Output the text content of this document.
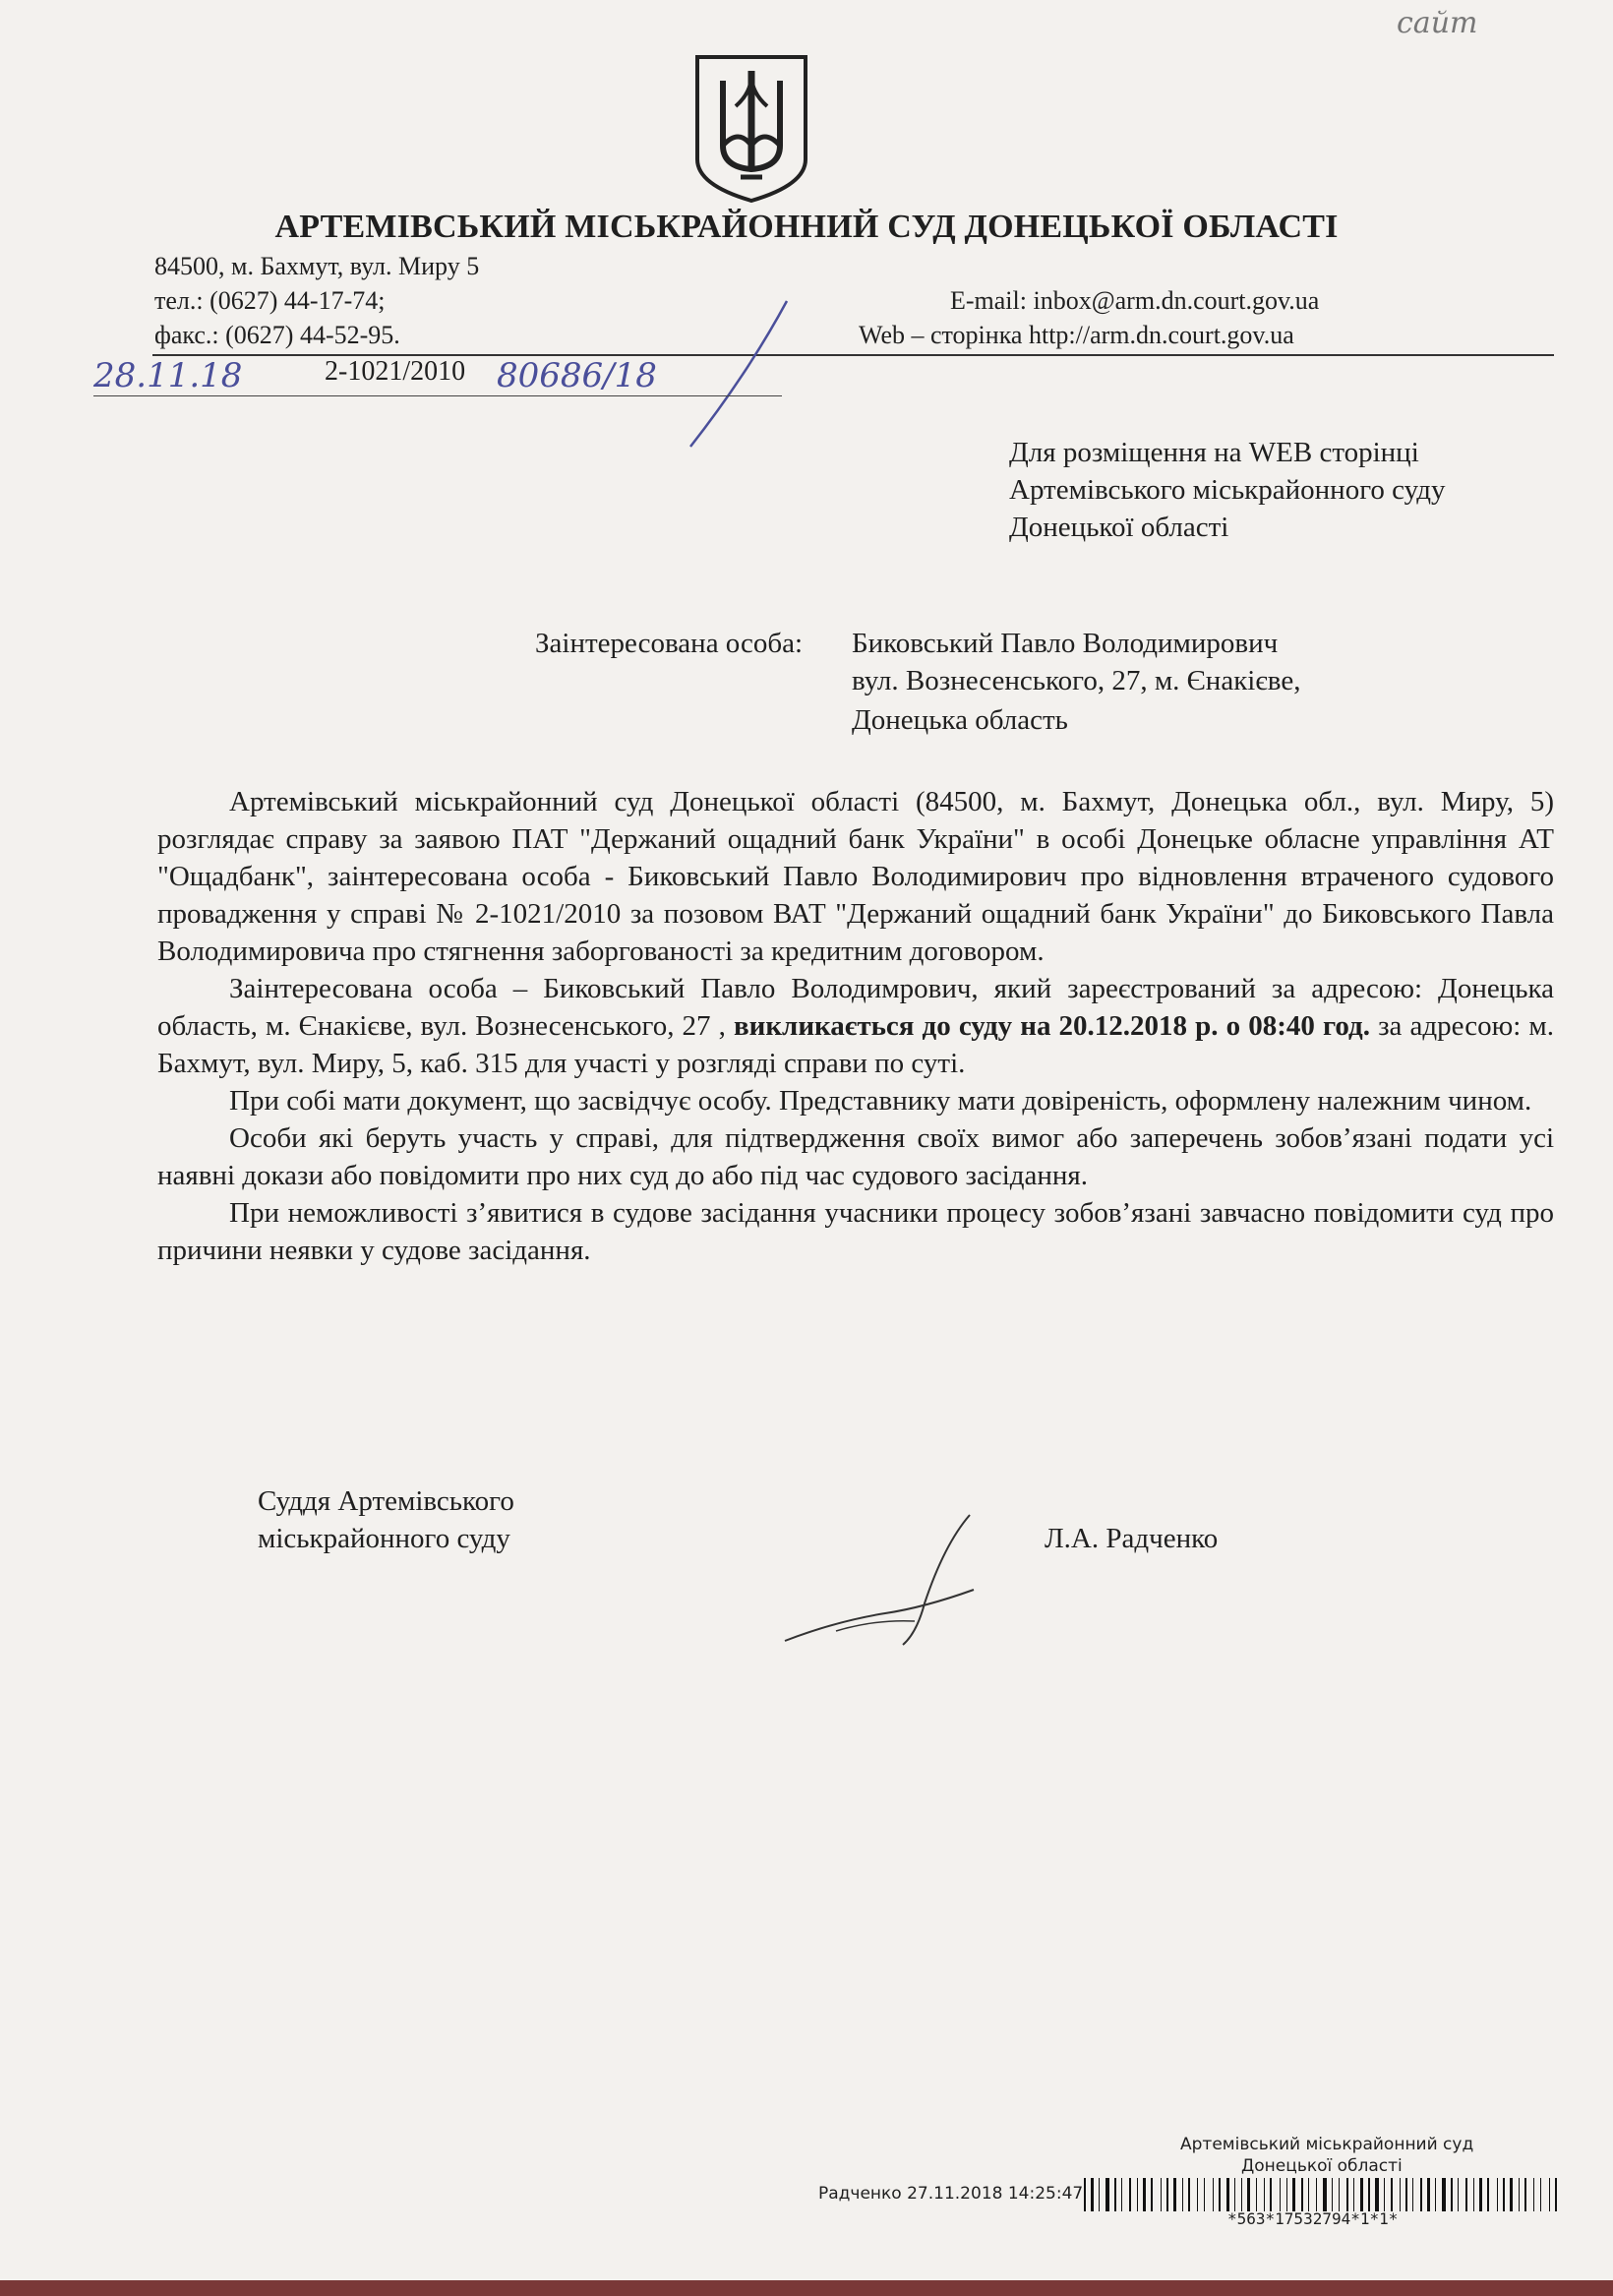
сайт
АРТЕМІВСЬКИЙ МІСЬКРАЙОННИЙ СУД ДОНЕЦЬКОЇ ОБЛАСТІ
84500, м. Бахмут, вул. Миру 5
тел.: (0627) 44-17-74;
факс.: (0627) 44-52-95.
E-mail: inbox@arm.dn.court.gov.ua
Web – сторінка http://arm.dn.court.gov.ua
28.11.18	2-1021/2010 80686/18
Для розміщення на WEB сторінці
Артемівського міськрайонного суду
Донецької області
Заінтересована особа: Биковський Павло Володимирович
вул. Вознесенського, 27, м. Єнакієве,
Донецька область

Артемівський міськрайонний суд Донецької області (84500, м. Бахмут, Донецька обл., вул. Миру, 5) розглядає справу за заявою ПАТ "Держаний ощадний банк України" в особі Донецьке обласне управління АТ "Ощадбанк", заінтересована особа - Биковський Павло Володимирович про відновлення втраченого судового провадження у справі № 2-1021/2010 за позовом ВАТ "Держаний ощадний банк України" до Биковського Павла Володимировича про стягнення заборгованості за кредитним договором.

Заінтересована особа – Биковський Павло Володимрович, який зареєстрований за адресою: Донецька область, м. Єнакієве, вул. Вознесенського, 27 , викликається до суду на 20.12.2018 р. о 08:40 год. за адресою: м. Бахмут, вул. Миру, 5, каб. 315 для участі у розгляді справи по суті.

При собі мати документ, що засвідчує особу. Представнику мати довіреність, оформлену належним чином.

Особи які беруть участь у справі, для підтвердження своїх вимог або заперечень зобов’язані подати усі наявні докази або повідомити про них суд до або під час судового засідання.

При неможливості з’явитися в судове засідання учасники процесу зобов’язані завчасно повідомити суд про причини неявки у судове засідання.

Суддя Артемівського
міськрайонного суду	Л.А. Радченко
Артемівський міськрайонний суд
Донецької області
Радченко 27.11.2018 14:25:47
*563*17532794*1*1*
